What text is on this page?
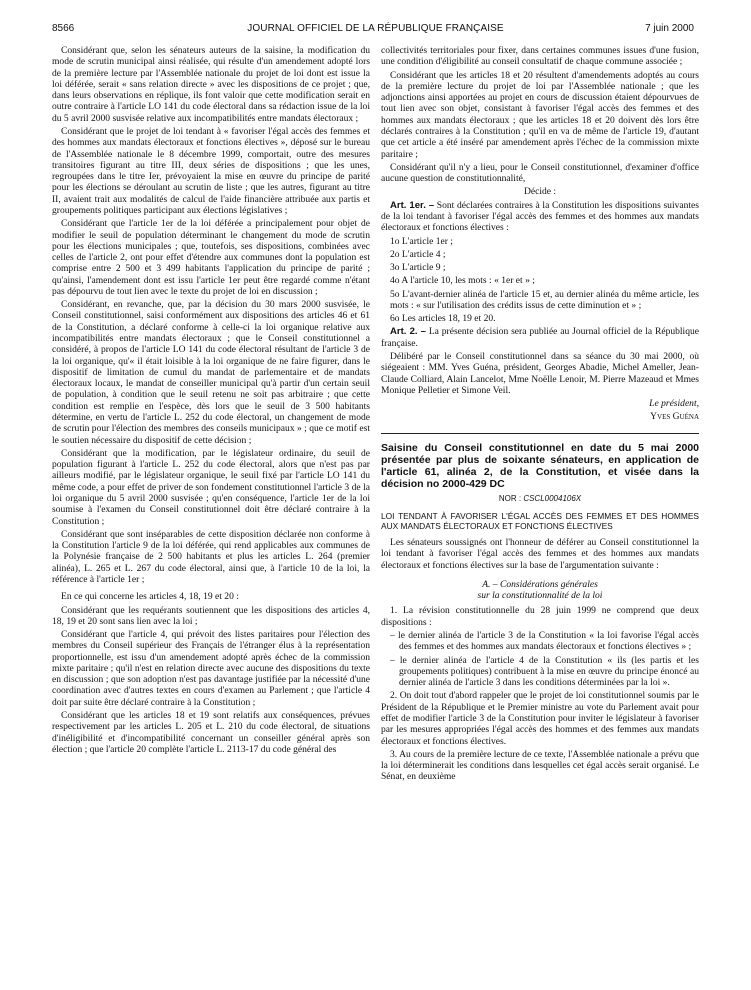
8566	JOURNAL OFFICIEL DE LA RÉPUBLIQUE FRANÇAISE	7 juin 2000

Considérant que, selon les sénateurs auteurs de la saisine, la modification du mode de scrutin municipal ainsi réalisée, qui résulte d'un amendement adopté lors de la première lecture par l'Assemblée nationale du projet de loi dont est issue la loi déférée, serait « sans relation directe » avec les dispositions de ce projet ; que, dans leurs observations en réplique, ils font valoir que cette modification serait en outre contraire à l'article LO 141 du code électoral dans sa rédaction issue de la loi du 5 avril 2000 susvisée relative aux incompatibilités entre mandats électoraux ;

Considérant que le projet de loi tendant à « favoriser l'égal accès des femmes et des hommes aux mandats électoraux et fonctions électives », déposé sur le bureau de l'Assemblée nationale le 8 décembre 1999, comportait, outre des mesures transitoires figurant au titre III, deux séries de dispositions ; que les unes, regroupées dans le titre Ier, prévoyaient la mise en œuvre du principe de parité pour les élections se déroulant au scrutin de liste ; que les autres, figurant au titre II, avaient trait aux modalités de calcul de l'aide financière attribuée aux partis et groupements politiques participant aux élections législatives ;

Considérant que l'article 1er de la loi déférée a principalement pour objet de modifier le seuil de population déterminant le changement du mode de scrutin pour les élections municipales ; que, toutefois, ses dispositions, combinées avec celles de l'article 2, ont pour effet d'étendre aux communes dont la population est comprise entre 2 500 et 3 499 habitants l'application du principe de parité ; qu'ainsi, l'amendement dont est issu l'article 1er peut être regardé comme n'étant pas dépourvu de tout lien avec le texte du projet de loi en discussion ;

Considérant, en revanche, que, par la décision du 30 mars 2000 susvisée, le Conseil constitutionnel, saisi conformément aux dispositions des articles 46 et 61 de la Constitution, a déclaré conforme à celle-ci la loi organique relative aux incompatibilités entre mandats électoraux ; que le Conseil constitutionnel a considéré, à propos de l'article LO 141 du code électoral résultant de l'article 3 de la loi organique, qu'« il était loisible à la loi organique de ne faire figurer, dans le dispositif de limitation de cumul du mandat de parlementaire et de mandats électoraux locaux, le mandat de conseiller municipal qu'à partir d'un certain seuil de population, à condition que le seuil retenu ne soit pas arbitraire ; que cette condition est remplie en l'espèce, dès lors que le seuil de 3 500 habitants détermine, en vertu de l'article L. 252 du code électoral, un changement de mode de scrutin pour l'élection des membres des conseils municipaux » ; que ce motif est le soutien nécessaire du dispositif de cette décision ;

Considérant que la modification, par le législateur ordinaire, du seuil de population figurant à l'article L. 252 du code électoral, alors que n'est pas par ailleurs modifié, par le législateur organique, le seuil fixé par l'article LO 141 du même code, a pour effet de priver de son fondement constitutionnel l'article 3 de la loi organique du 5 avril 2000 susvisée ; qu'en conséquence, l'article 1er de la loi soumise à l'examen du Conseil constitutionnel doit être déclaré contraire à la Constitution ;

Considérant que sont inséparables de cette disposition déclarée non conforme à la Constitution l'article 9 de la loi déférée, qui rend applicables aux communes de la Polynésie française de 2 500 habitants et plus les articles L. 264 (premier alinéa), L. 265 et L. 267 du code électoral, ainsi que, à l'article 10 de la loi, la référence à l'article 1er ;

En ce qui concerne les articles 4, 18, 19 et 20 :

Considérant que les requérants soutiennent que les dispositions des articles 4, 18, 19 et 20 sont sans lien avec la loi ;

Considérant que l'article 4, qui prévoit des listes paritaires pour l'élection des membres du Conseil supérieur des Français de l'étranger élus à la représentation proportionnelle, est issu d'un amendement adopté après échec de la commission mixte paritaire ; qu'il n'est en relation directe avec aucune des dispositions du texte en discussion ; que son adoption n'est pas davantage justifiée par la nécessité d'une coordination avec d'autres textes en cours d'examen au Parlement ; que l'article 4 doit par suite être déclaré contraire à la Constitution ;

Considérant que les articles 18 et 19 sont relatifs aux conséquences, prévues respectivement par les articles L. 205 et L. 210 du code électoral, de situations d'inéligibilité et d'incompatibilité concernant un conseiller général après son élection ; que l'article 20 complète l'article L. 2113-17 du code général des

collectivités territoriales pour fixer, dans certaines communes issues d'une fusion, une condition d'éligibilité au conseil consultatif de chaque commune associée ;

Considérant que les articles 18 et 20 résultent d'amendements adoptés au cours de la première lecture du projet de loi par l'Assemblée nationale ; que les adjonctions ainsi apportées au projet en cours de discussion étaient dépourvues de tout lien avec son objet, consistant à favoriser l'égal accès des femmes et des hommes aux mandats électoraux ; que les articles 18 et 20 doivent dès lors être déclarés contraires à la Constitution ; qu'il en va de même de l'article 19, d'autant que cet article a été inséré par amendement après l'échec de la commission mixte paritaire ;

Considérant qu'il n'y a lieu, pour le Conseil constitutionnel, d'examiner d'office aucune question de constitutionnalité,

Décide :

Art. 1er. – Sont déclarées contraires à la Constitution les dispositions suivantes de la loi tendant à favoriser l'égal accès des femmes et des hommes aux mandats électoraux et fonctions électives :

1o L'article 1er ;

2o L'article 4 ;

3o L'article 9 ;

4o A l'article 10, les mots : « 1er et » ;

5o L'avant-dernier alinéa de l'article 15 et, au dernier alinéa du même article, les mots : « sur l'utilisation des crédits issus de cette diminution et » ;

6o Les articles 18, 19 et 20.

Art. 2. – La présente décision sera publiée au Journal officiel de la République française.

Délibéré par le Conseil constitutionnel dans sa séance du 30 mai 2000, où siégeaient : MM. Yves Guéna, président, Georges Abadie, Michel Ameller, Jean-Claude Colliard, Alain Lancelot, Mme Noëlle Lenoir, M. Pierre Mazeaud et Mmes Monique Pelletier et Simone Veil.

Le président,

Yves Guéna

Saisine du Conseil constitutionnel en date du 5 mai 2000 présentée par plus de soixante sénateurs, en application de l'article 61, alinéa 2, de la Constitution, et visée dans la décision no 2000-429 DC
NOR : CSCL0004106X
LOI TENDANT À FAVORISER L'ÉGAL ACCÈS DES FEMMES ET DES HOMMES AUX MANDATS ÉLECTORAUX ET FONCTIONS ÉLECTIVES

Les sénateurs soussignés ont l'honneur de déférer au Conseil constitutionnel la loi tendant à favoriser l'égal accès des femmes et des hommes aux mandats électoraux et fonctions électives sur la base de l'argumentation suivante :

A. – Considérations générales
sur la constitutionnalité de la loi

1. La révision constitutionnelle du 28 juin 1999 ne comprend que deux dispositions :

– le dernier alinéa de l'article 3 de la Constitution « la loi favorise l'égal accès des femmes et des hommes aux mandats électoraux et fonctions électives » ;

– le dernier alinéa de l'article 4 de la Constitution « ils (les partis et les groupements politiques) contribuent à la mise en œuvre du principe énoncé au dernier alinéa de l'article 3 dans les conditions déterminées par la loi ».

2. On doit tout d'abord rappeler que le projet de loi constitutionnel soumis par le Président de la République et le Premier ministre au vote du Parlement avait pour effet de modifier l'article 3 de la Constitution pour inviter le législateur à favoriser par les mesures appropriées l'égal accès des hommes et des femmes aux mandats électoraux et fonctions électives.

3. Au cours de la première lecture de ce texte, l'Assemblée nationale a prévu que la loi déterminerait les conditions dans lesquelles cet égal accès serait organisé. Le Sénat, en deuxième
